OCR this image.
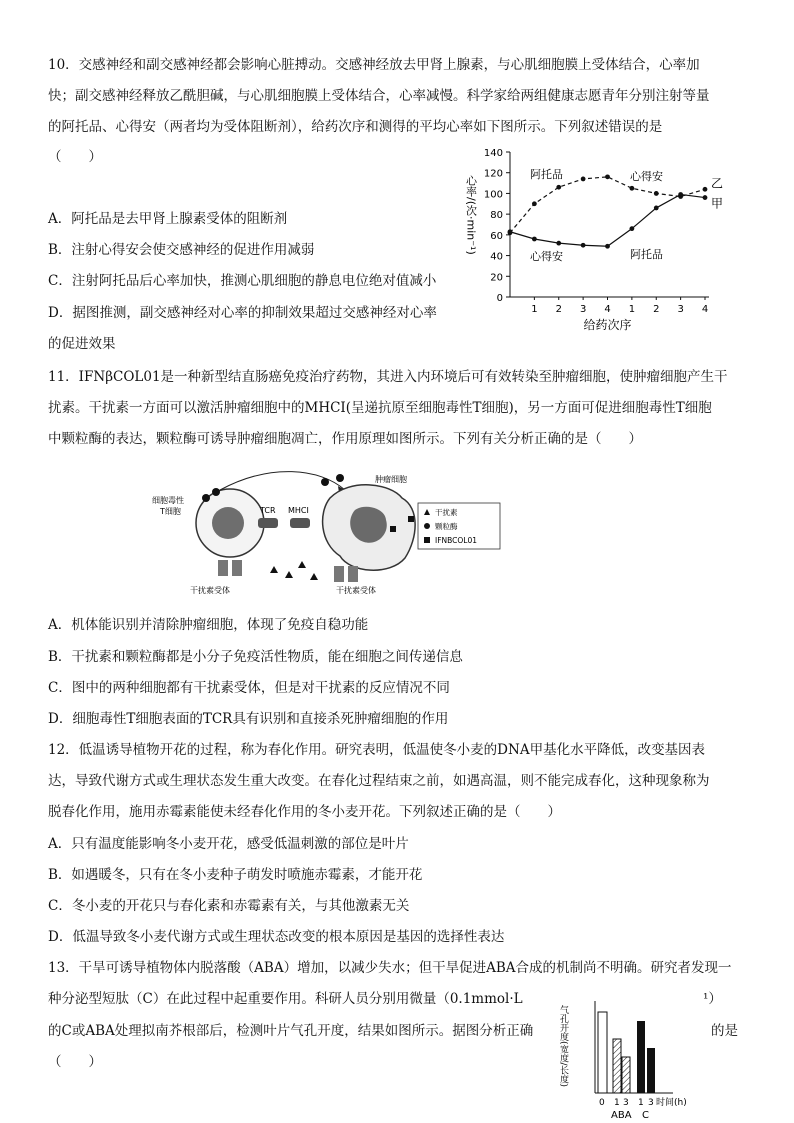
10．交感神经和副交感神经都会影响心脏搏动。交感神经放去甲肾上腺素，与心肌细胞膜上受体结合，心率加
快；副交感神经释放乙酰胆碱，与心肌细胞膜上受体结合，心率减慢。科学家给两组健康志愿青年分别注射等量
的阿托品、心得安（两者均为受体阻断剂），给药次序和测得的平均心率如下图所示。下列叙述错误的是
（　　）
A．阿托品是去甲肾上腺素受体的阻断剂
B．注射心得安会使交感神经的促进作用减弱
C．注射阿托品后心率加快，推测心肌细胞的静息电位绝对值减小
D．据图推测，副交感神经对心率的抑制效果超过交感神经对心率
的促进效果
0
20
40
60
80
100
120
140
1 2 3 4 1 2 3 4
心率/(次·min⁻¹)
给药次序
乙
甲
阿托品	心得安
心得安	阿托品
11．IFNβCOL01是一种新型结直肠癌免疫治疗药物，其进入内环境后可有效转染至肿瘤细胞，使肿瘤细胞产生干
扰素。干扰素一方面可以激活肿瘤细胞中的MHCⅠ(呈递抗原至细胞毒性T细胞)，另一方面可促进细胞毒性T细胞
中颗粒酶的表达，颗粒酶可诱导肿瘤细胞凋亡，作用原理如图所示。下列有关分析正确的是（　　）
细胞毒性
T细胞	TCR MHCⅠ
肿瘤细胞
干扰素受体	干扰素受体
干扰素
颗粒酶
IFNBCOL01
A．机体能识别并清除肿瘤细胞，体现了免疫自稳功能
B．干扰素和颗粒酶都是小分子免疫活性物质，能在细胞之间传递信息
C．图中的两种细胞都有干扰素受体，但是对干扰素的反应情况不同
D．细胞毒性T细胞表面的TCR具有识别和直接杀死肿瘤细胞的作用
12．低温诱导植物开花的过程，称为春化作用。研究表明，低温使冬小麦的DNA甲基化水平降低，改变基因表
达，导致代谢方式或生理状态发生重大改变。在春化过程结束之前，如遇高温，则不能完成春化，这种现象称为
脱春化作用，施用赤霉素能使未经春化作用的冬小麦开花。下列叙述正确的是（　　）
A．只有温度能影响冬小麦开花，感受低温刺激的部位是叶片
B．如遇暖冬，只有在冬小麦种子萌发时喷施赤霉素，才能开花
C．冬小麦的开花只与春化素和赤霉素有关，与其他激素无关
D．低温导致冬小麦代谢方式或生理状态改变的根本原因是基因的选择性表达
13．干旱可诱导植物体内脱落酸（ABA）增加，以减少失水；但干旱促进ABA合成的机制尚不明确。研究者发现一
种分泌型短肽（C）在此过程中起重要作用。科研人员分别用微量（0.1mmol·L	¹）
的C或ABA处理拟南芥根部后，检测叶片气孔开度，结果如图所示。据图分析正确	的是
（　　）	气孔开度(宽度/长度)
0 1 3 1 3 时间(h)
ABA C
